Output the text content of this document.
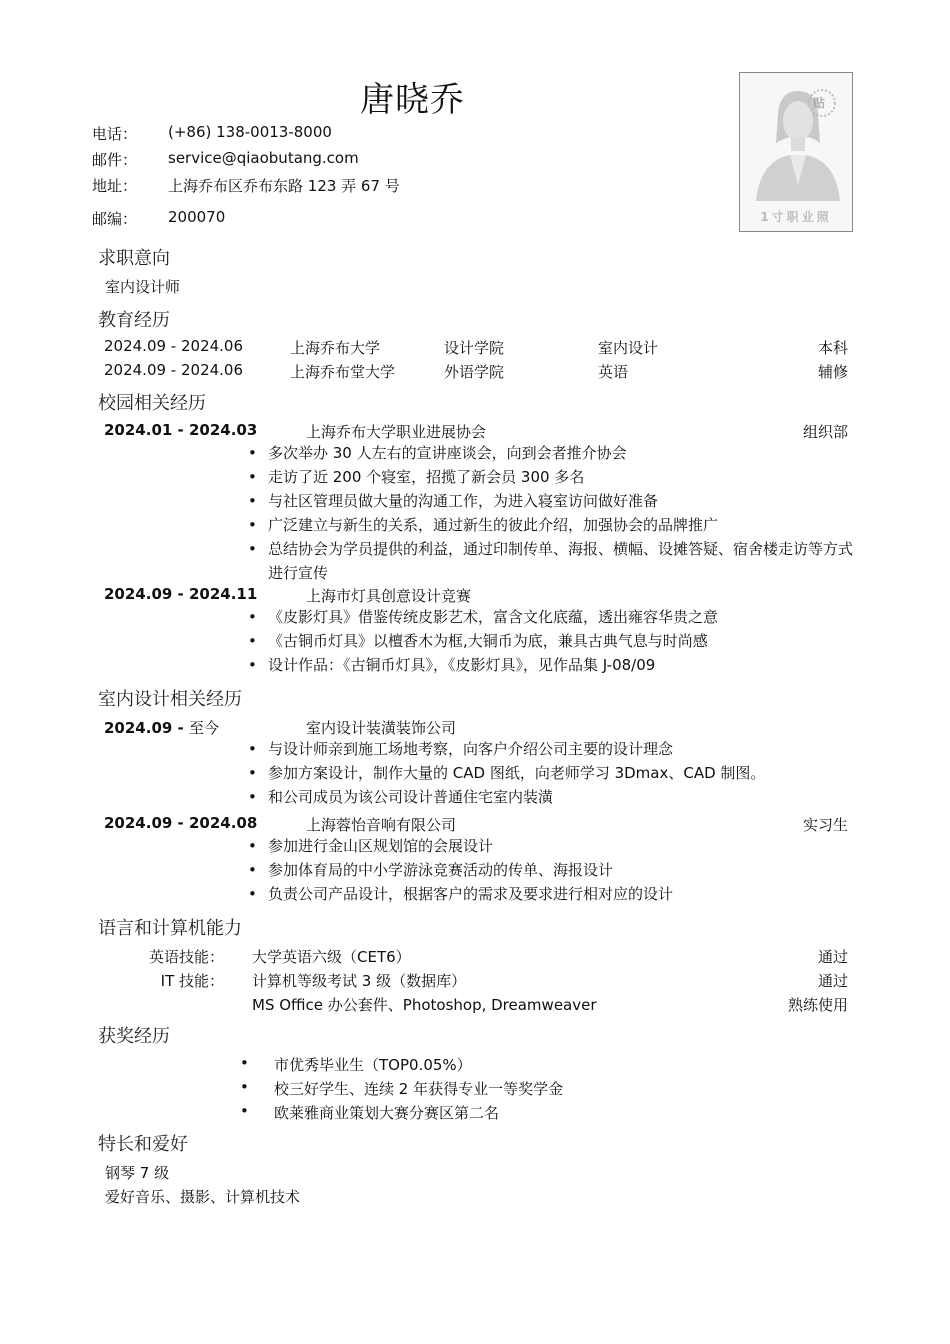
唐晓乔
电话： (+86) 138-0013-8000
邮件： service@qiaobutang.com
地址： 上海乔布区乔布东路 123 弄 67 号
邮编： 200070
贴
1寸职业照
求职意向
室内设计师
教育经历
2024.09 - 2024.06	上海乔布大学	设计学院	室内设计	本科
2024.09 - 2024.06	上海乔布堂大学	外语学院	英语	辅修
校园相关经历
2024.01 - 2024.03	上海乔布大学职业进展协会	组织部
• 多次举办 30 人左右的宣讲座谈会，向到会者推介协会
• 走访了近 200 个寝室，招揽了新会员 300 多名
• 与社区管理员做大量的沟通工作，为进入寝室访问做好准备
• 广泛建立与新生的关系，通过新生的彼此介绍，加强协会的品牌推广
• 总结协会为学员提供的利益，通过印制传单、海报、横幅、设摊答疑、宿舍楼走访等方式进行宣传
2024.09 - 2024.11	上海市灯具创意设计竞赛
• 《皮影灯具》借鉴传统皮影艺术，富含文化底蕴，透出雍容华贵之意
• 《古铜币灯具》以檀香木为框,大铜币为底，兼具古典气息与时尚感
• 设计作品：《古铜币灯具》，《皮影灯具》，见作品集 J-08/09
室内设计相关经历
2024.09 - 至今	室内设计装潢装饰公司
• 与设计师亲到施工场地考察，向客户介绍公司主要的设计理念
• 参加方案设计，制作大量的 CAD 图纸，向老师学习 3Dmax、CAD 制图。
• 和公司成员为该公司设计普通住宅室内装潢
2024.09 - 2024.08	上海蓉怡音响有限公司	实习生
• 参加进行金山区规划馆的会展设计
• 参加体育局的中小学游泳竞赛活动的传单、海报设计
• 负责公司产品设计，根据客户的需求及要求进行相对应的设计
语言和计算机能力
英语技能： 大学英语六级（CET6）	通过
IT 技能： 计算机等级考试 3 级（数据库）	通过
MS Office 办公套件、Photoshop, Dreamweaver	熟练使用
获奖经历
• 市优秀毕业生（TOP0.05%）
• 校三好学生、连续 2 年获得专业一等奖学金
• 欧莱雅商业策划大赛分赛区第二名
特长和爱好
钢琴 7 级
爱好音乐、摄影、计算机技术
